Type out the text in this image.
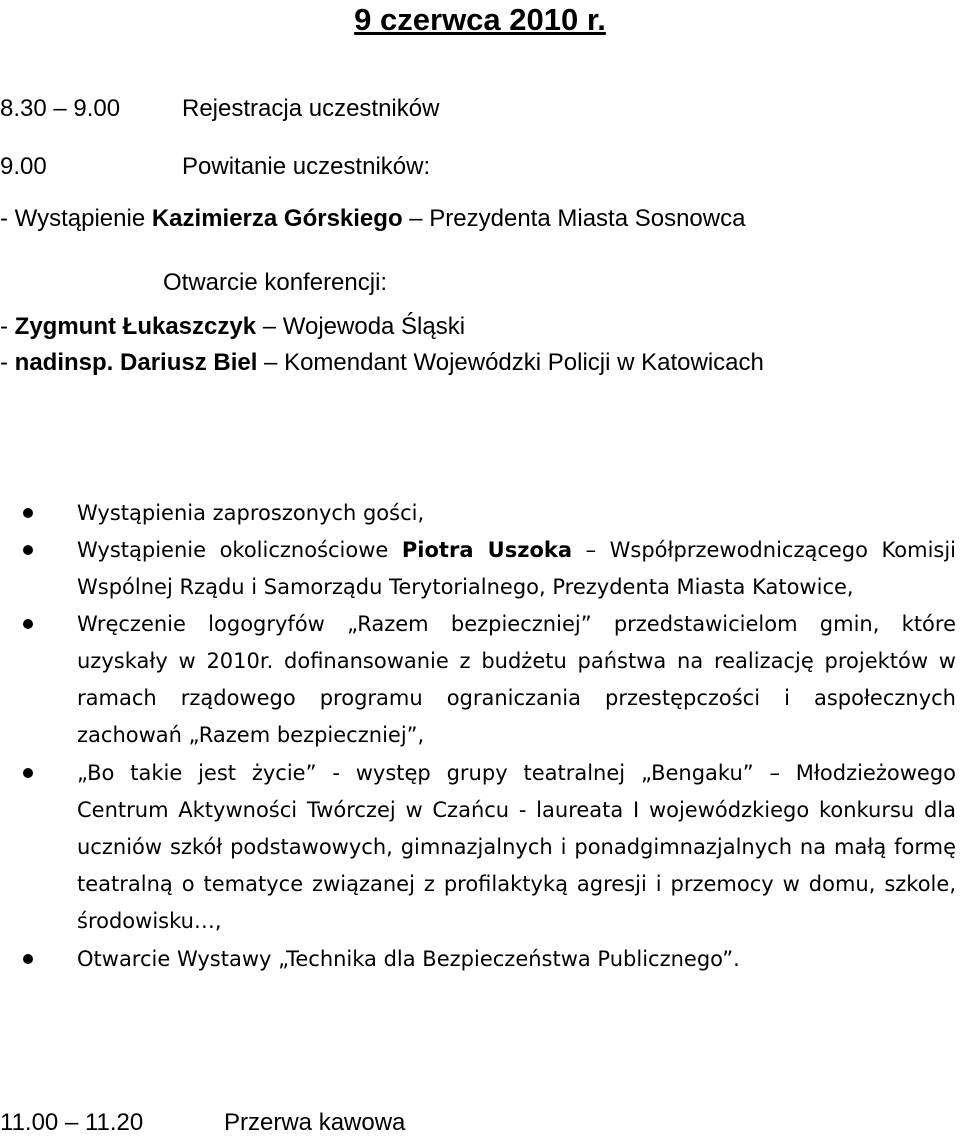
9 czerwca 2010 r.
8.30 – 9.00	Rejestracja uczestników
9.00	Powitanie uczestników:
- Wystąpienie Kazimierza Górskiego – Prezydenta Miasta Sosnowca
Otwarcie konferencji:
- Zygmunt Łukaszczyk – Wojewoda Śląski
- nadinsp. Dariusz Biel – Komendant Wojewódzki Policji w Katowicach
Wystąpienia zaproszonych gości,
Wystąpienie okolicznościowe Piotra Uszoka – Współprzewodniczącego Komisji Wspólnej Rządu i Samorządu Terytorialnego, Prezydenta Miasta Katowice,
Wręczenie logogryfów „Razem bezpieczniej” przedstawicielom gmin, które uzyskały w 2010r. dofinansowanie z budżetu państwa na realizację projektów w ramach rządowego programu ograniczania przestępczości i aspołecznych zachowań „Razem bezpieczniej”,
„Bo takie jest życie” - występ grupy teatralnej „Bengaku” – Młodzieżowego Centrum Aktywności Twórczej w Czańcu - laureata I wojewódzkiego konkursu dla uczniów szkół podstawowych, gimnazjalnych i ponadgimnazjalnych na małą formę teatralną o tematyce związanej z profilaktyką agresji i przemocy w domu, szkole, środowisku…,
Otwarcie Wystawy „Technika dla Bezpieczeństwa Publicznego”.
11.00 – 11.20	Przerwa kawowa
